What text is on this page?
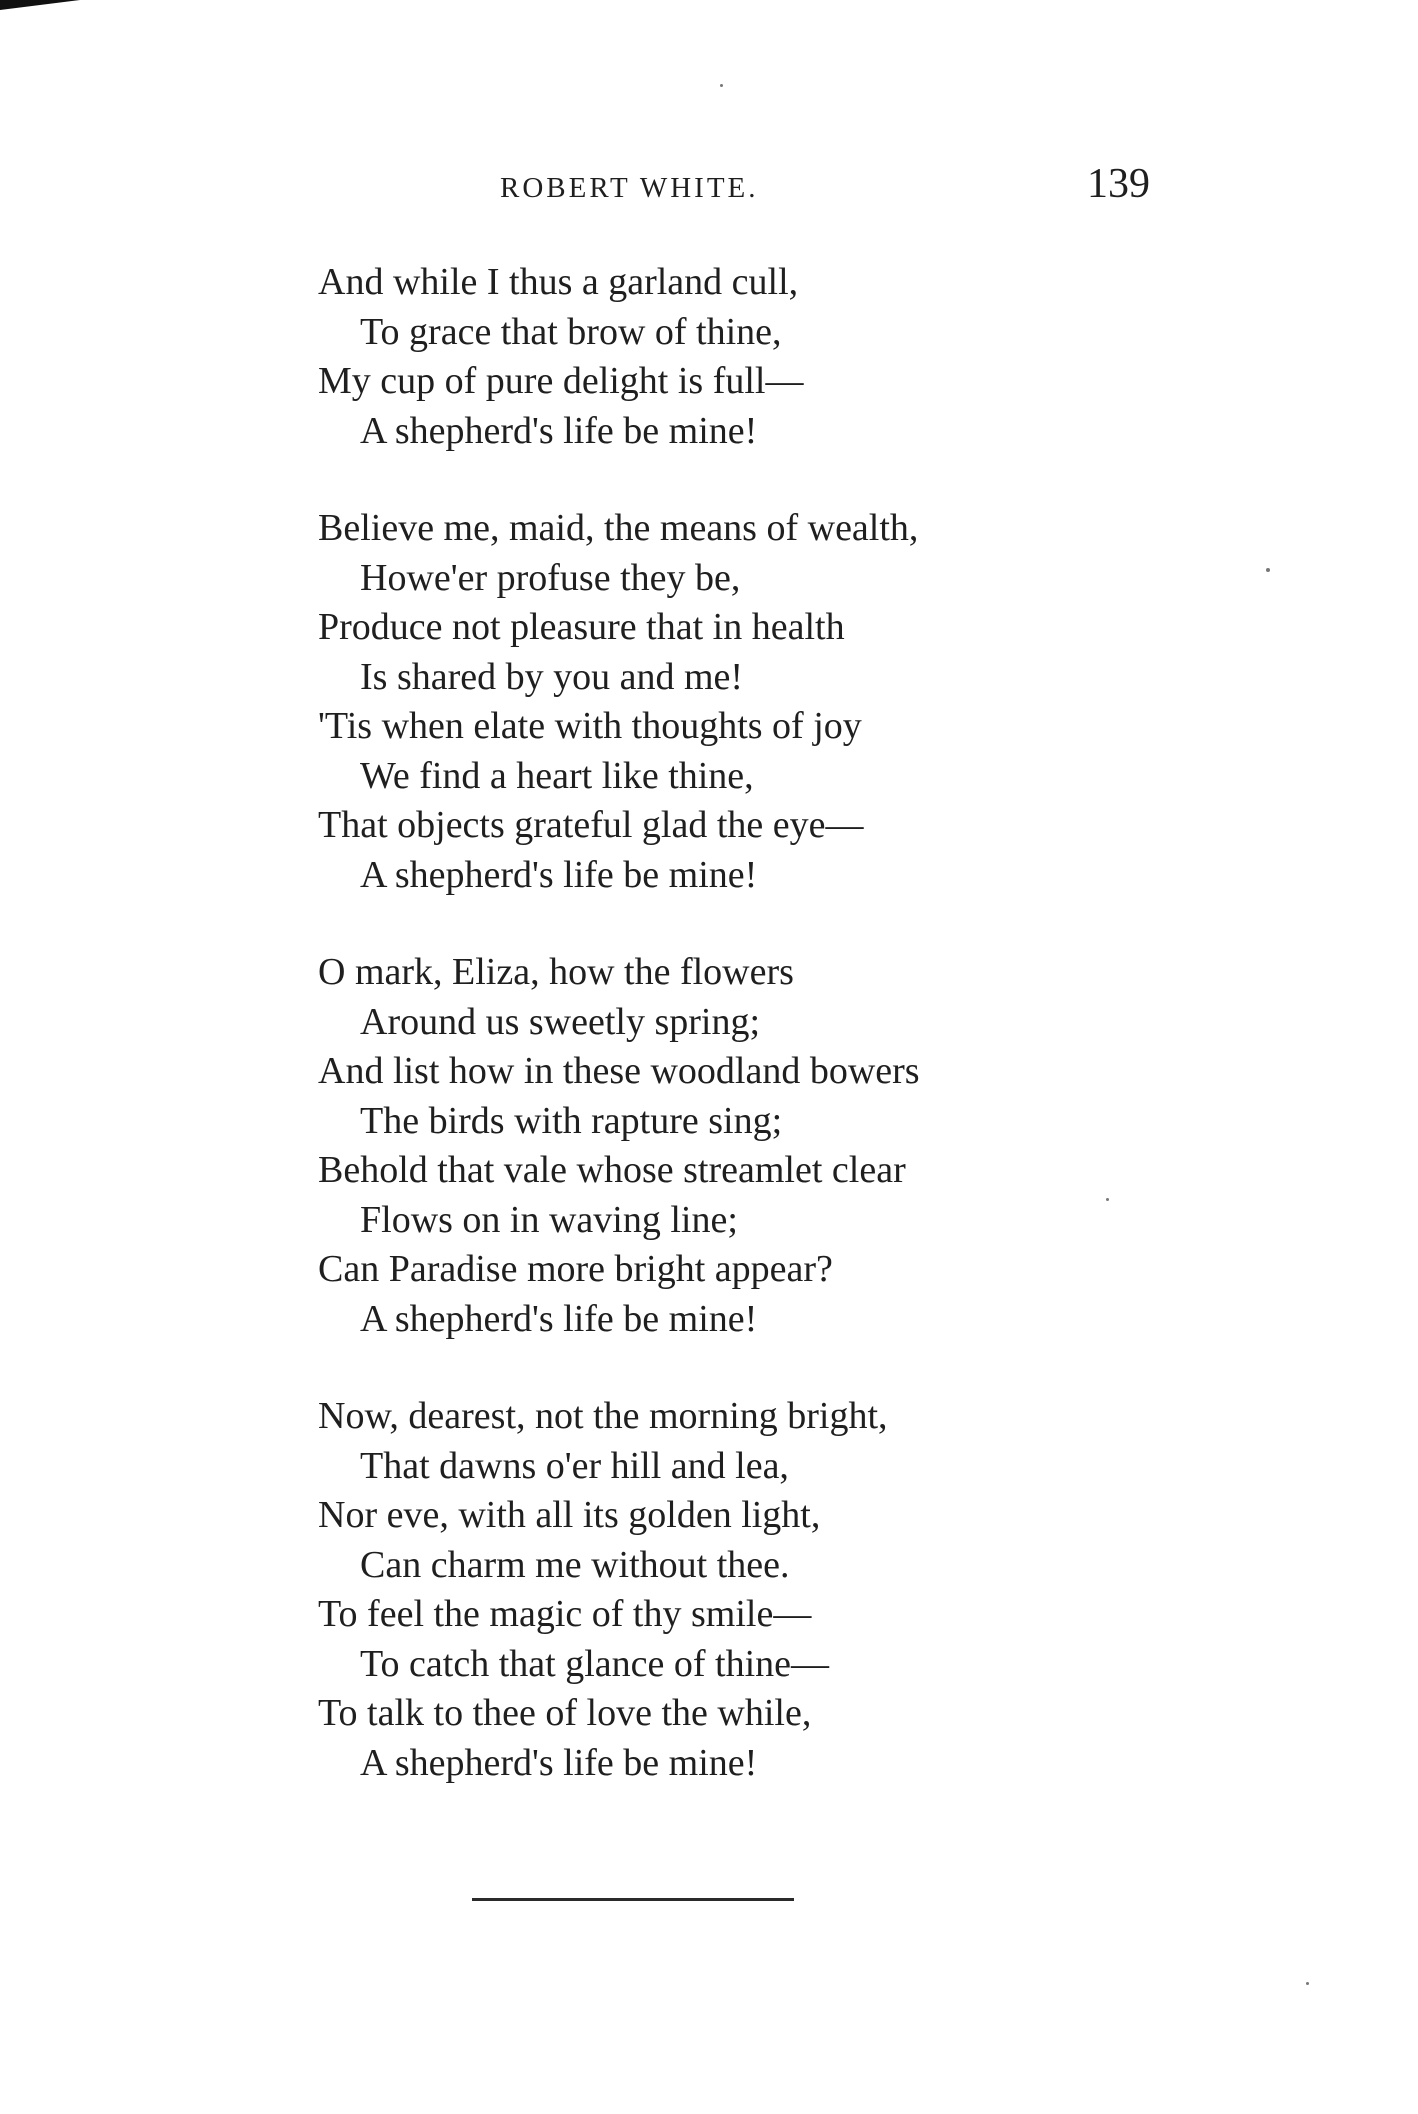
ROBERT WHITE.	139
And while I thus a garland cull,
To grace that brow of thine,
My cup of pure delight is full—
A shepherd's life be mine!
Believe me, maid, the means of wealth,
Howe'er profuse they be,
Produce not pleasure that in health
Is shared by you and me!
'Tis when elate with thoughts of joy
We find a heart like thine,
That objects grateful glad the eye—
A shepherd's life be mine!
O mark, Eliza, how the flowers
Around us sweetly spring;
And list how in these woodland bowers
The birds with rapture sing;
Behold that vale whose streamlet clear
Flows on in waving line;
Can Paradise more bright appear?
A shepherd's life be mine!
Now, dearest, not the morning bright,
That dawns o'er hill and lea,
Nor eve, with all its golden light,
Can charm me without thee.
To feel the magic of thy smile—
To catch that glance of thine—
To talk to thee of love the while,
A shepherd's life be mine!
